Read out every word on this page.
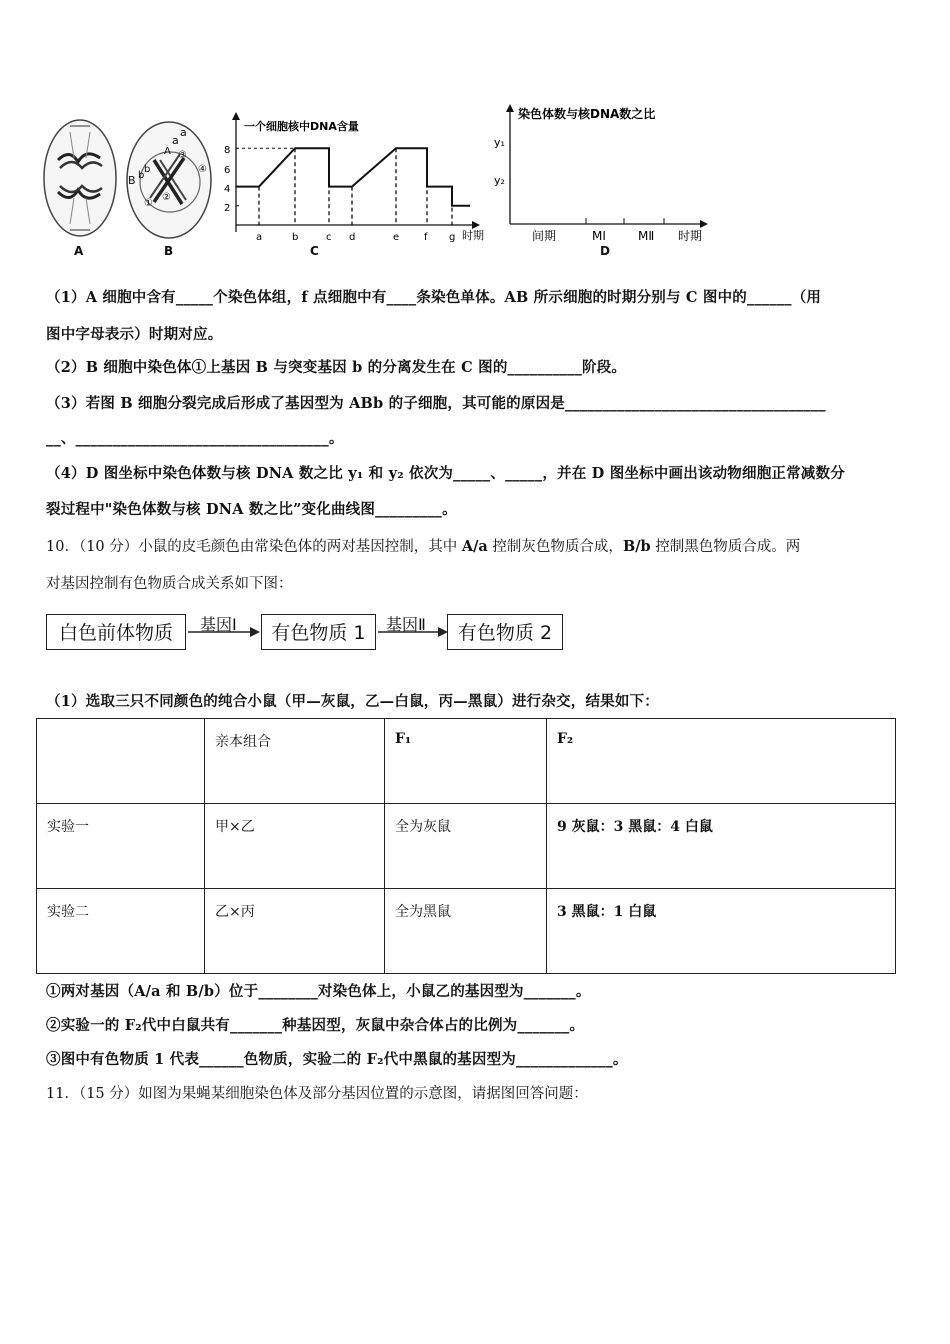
a
a
A
B b
b
①
②
③
④
一个细胞核中DNA含量
8
6
4
2
a	b	c d	e f g 时期
染色体数与核DNA数之比
y₁
y₂
间期	MⅠ	MⅡ 时期
A	B	C	D
（1）A 细胞中含有_____个染色体组，f 点细胞中有____条染色单体。AB 所示细胞的时期分别与 C 图中的______（用
图中字母表示）时期对应。
（2）B 细胞中染色体①上基因 B 与突变基因 b 的分离发生在 C 图的__________阶段。
（3）若图 B 细胞分裂完成后形成了基因型为 ABb 的子细胞，其可能的原因是___________________________________
__、__________________________________。
（4）D 图坐标中染色体数与核 DNA 数之比 y₁ 和 y₂ 依次为_____、_____，并在 D 图坐标中画出该动物细胞正常减数分
裂过程中"染色体数与核 DNA 数之比”变化曲线图_________。
10．（10 分）小鼠的皮毛颜色由常染色体的两对基因控制，其中 A/a 控制灰色物质合成，B/b 控制黑色物质合成。两
对基因控制有色物质合成关系如下图：
白色前体物质	基因Ⅰ	有色物质 1	基因Ⅱ	有色物质 2
（1）选取三只不同颜色的纯合小鼠（甲—灰鼠，乙—白鼠，丙—黑鼠）进行杂交，结果如下：
	亲本组合	F₁	F₂
实验一	甲×乙	全为灰鼠	9 灰鼠：3 黑鼠：4 白鼠
实验二	乙×丙	全为黑鼠	3 黑鼠：1 白鼠
①两对基因（A/a 和 B/b）位于________对染色体上，小鼠乙的基因型为_______。
②实验一的 F₂代中白鼠共有_______种基因型，灰鼠中杂合体占的比例为_______。
③图中有色物质 1 代表______色物质，实验二的 F₂代中黑鼠的基因型为_____________。
11．（15 分）如图为果蝇某细胞染色体及部分基因位置的示意图，请据图回答问题：
